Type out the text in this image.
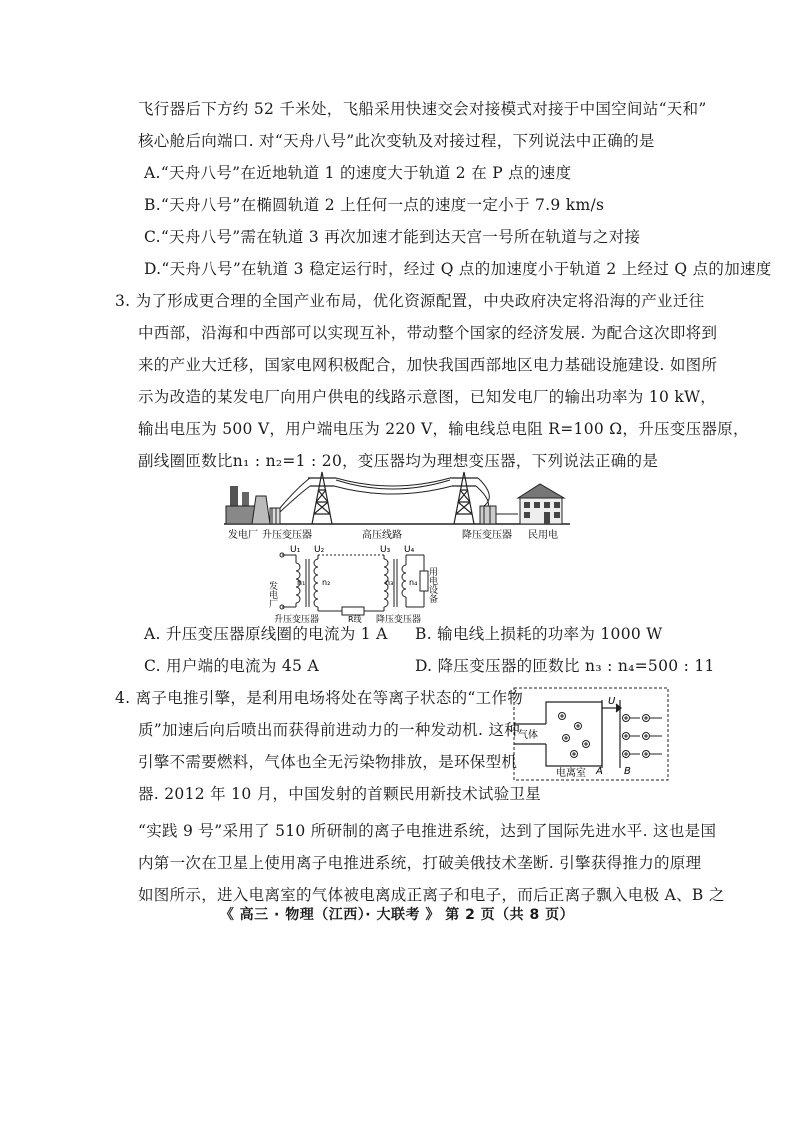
飞行器后下方约 52 千米处，飞船采用快速交会对接模式对接于中国空间站“天和”
核心舱后向端口. 对“天舟八号”此次变轨及对接过程，下列说法中正确的是
A.“天舟八号”在近地轨道 1 的速度大于轨道 2 在 P 点的速度
B.“天舟八号”在椭圆轨道 2 上任何一点的速度一定小于 7.9 km/s
C.“天舟八号”需在轨道 3 再次加速才能到达天宫一号所在轨道与之对接
D.“天舟八号”在轨道 3 稳定运行时，经过 Q 点的加速度小于轨道 2 上经过 Q 点的加速度
3. 为了形成更合理的全国产业布局，优化资源配置，中央政府决定将沿海的产业迁往
中西部，沿海和中西部可以实现互补，带动整个国家的经济发展. 为配合这次即将到
来的产业大迁移，国家电网积极配合，加快我国西部地区电力基础设施建设. 如图所
示为改造的某发电厂向用户供电的线路示意图，已知发电厂的输出功率为 10 kW，
输出电压为 500 V，用户端电压为 220 V，输电线总电阻 R=100 Ω，升压变压器原，
副线圈匝数比n₁ : n₂=1 : 20，变压器均为理想变压器，下列说法正确的是
发电厂 升压变压器	高压线路	降压变压器 民用电
U₁ U₂	U₃ U₄
n₁ n₂	n₃ n₄
发电厂	用电设备
R线
升压变压器	降压变压器
A. 升压变压器原线圈的电流为 1 A B. 输电线上损耗的功率为 1000 W
C. 用户端的电流为 45 A	D. 降压变压器的匝数比 n₃ : n₄=500 : 11
4. 离子电推引擎，是利用电场将处在等离子状态的“工作物
质”加速后向后喷出而获得前进动力的一种发动机. 这种
引擎不需要燃料，气体也全无污染物排放，是环保型机
器. 2012 年 10 月，中国发射的首颗民用新技术试验卫星
“实践 9 号”采用了 510 所研制的离子电推进系统，达到了国际先进水平. 这也是国
内第一次在卫星上使用离子电推进系统，打破美俄技术垄断. 引擎获得推力的原理
如图所示，进入电离室的气体被电离成正离子和电子，而后正离子飘入电极 A、B 之
气体
U
电离室 A B
《 高三 · 物理（江西）· 大联考 》 第 2 页（共 8 页）
